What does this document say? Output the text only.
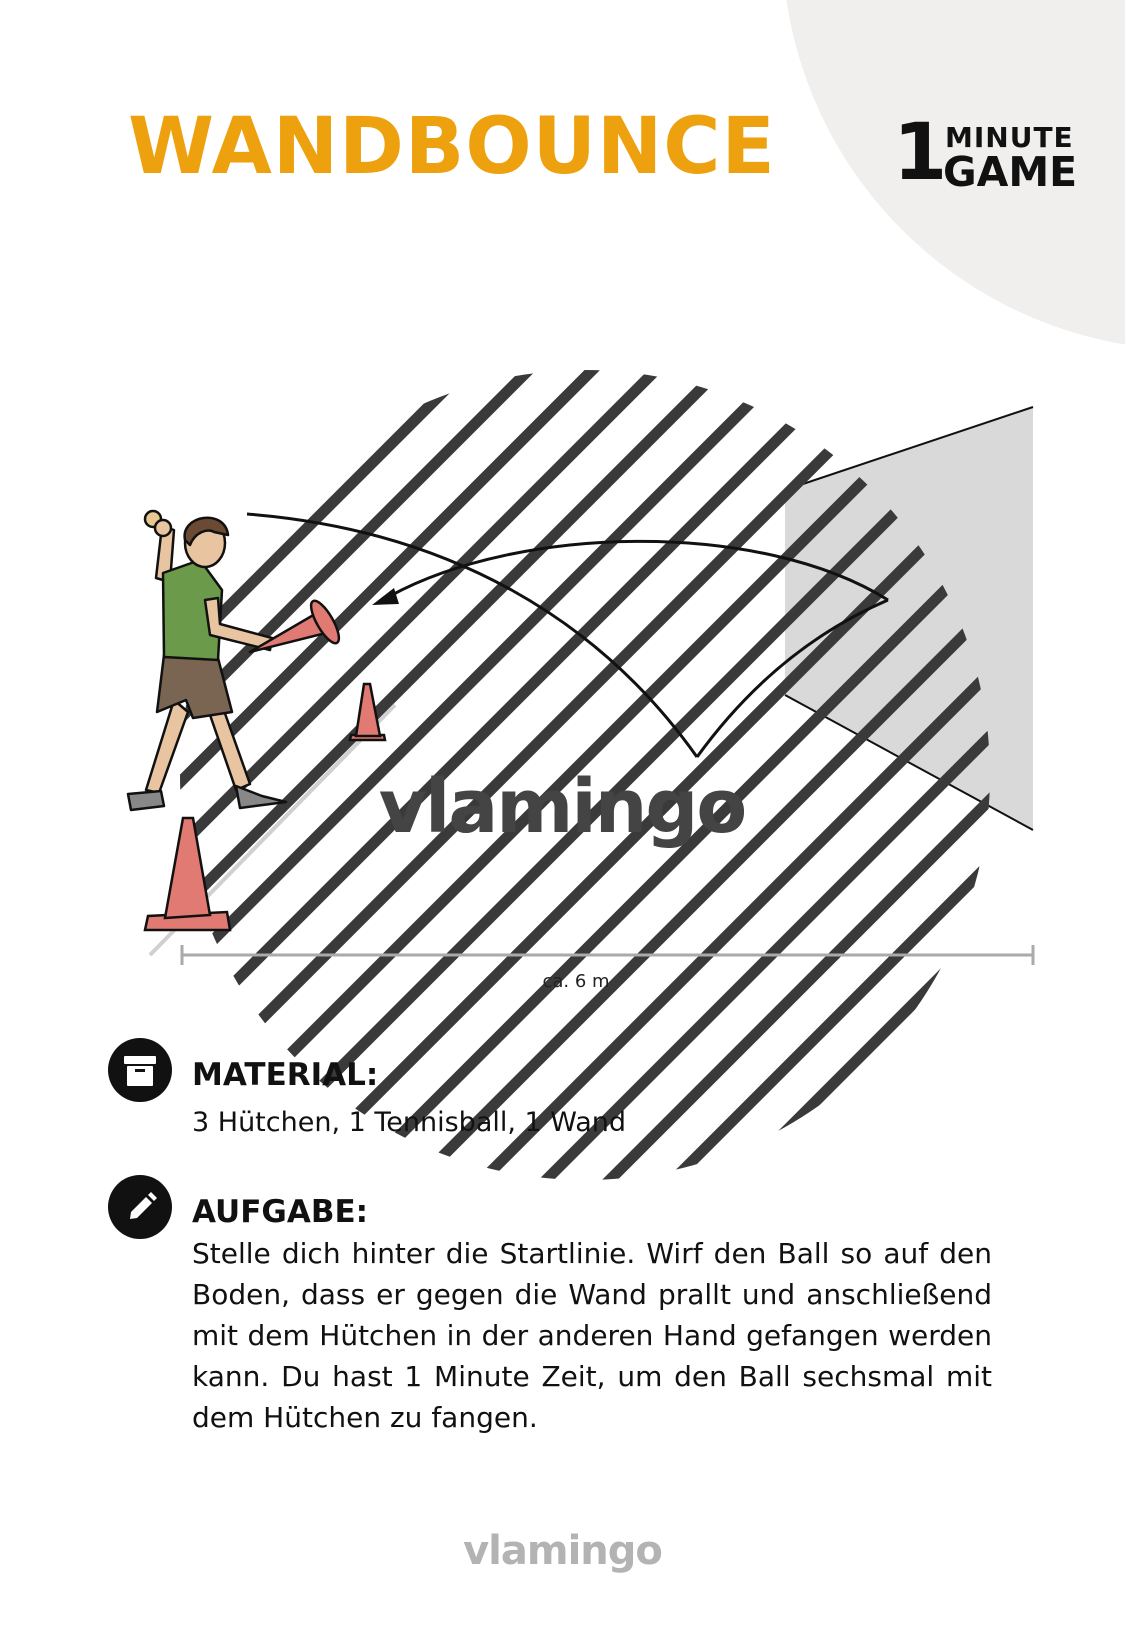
WANDBOUNCE 1
MINUTE
GAME
vlamingo
ca. 6 m
MATERIAL:

3 Hütchen, 1 Tennisball, 1 Wand

AUFGABE:

Stelle dich hinter die Startlinie. Wirf den Ball so auf den Boden, dass er gegen die Wand prallt und anschließend mit dem Hütchen in der anderen Hand gefangen werden kann. Du hast 1 Minute Zeit, um den Ball sechsmal mit dem Hütchen zu fangen.

vlamingo
